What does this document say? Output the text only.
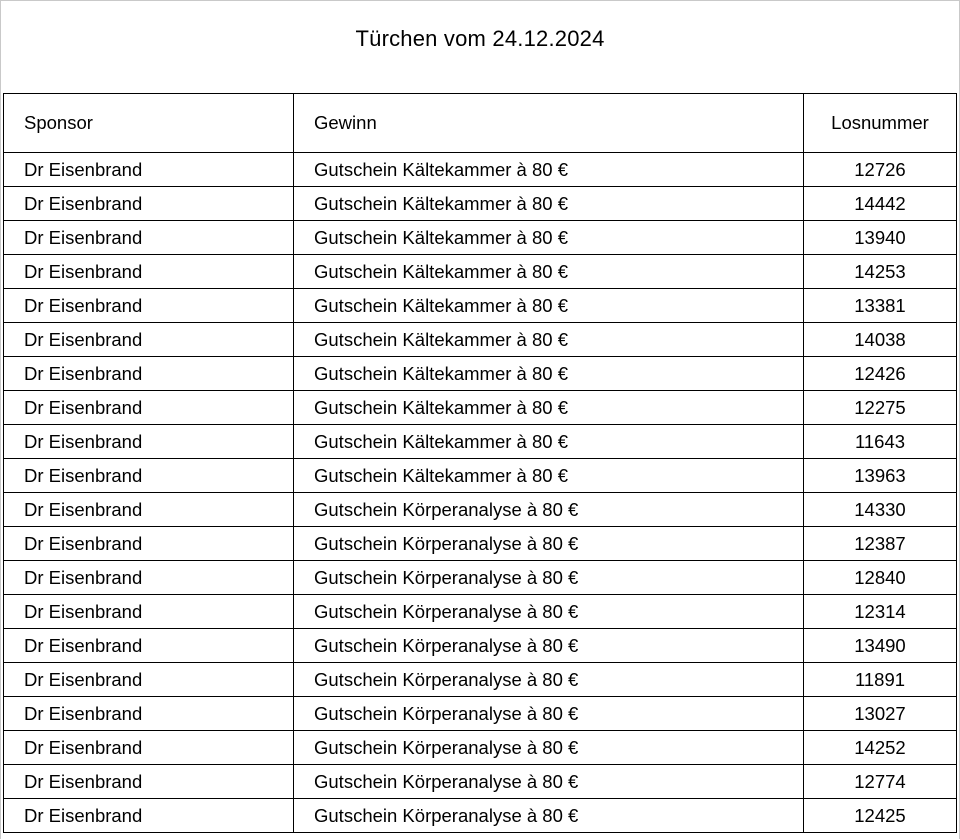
Türchen vom 24.12.2024
Sponsor	Gewinn	Losnummer
Dr Eisenbrand	Gutschein Kältekammer à 80 €	12726
Dr Eisenbrand	Gutschein Kältekammer à 80 €	14442
Dr Eisenbrand	Gutschein Kältekammer à 80 €	13940
Dr Eisenbrand	Gutschein Kältekammer à 80 €	14253
Dr Eisenbrand	Gutschein Kältekammer à 80 €	13381
Dr Eisenbrand	Gutschein Kältekammer à 80 €	14038
Dr Eisenbrand	Gutschein Kältekammer à 80 €	12426
Dr Eisenbrand	Gutschein Kältekammer à 80 €	12275
Dr Eisenbrand	Gutschein Kältekammer à 80 €	11643
Dr Eisenbrand	Gutschein Kältekammer à 80 €	13963
Dr Eisenbrand	Gutschein Körperanalyse à 80 €	14330
Dr Eisenbrand	Gutschein Körperanalyse à 80 €	12387
Dr Eisenbrand	Gutschein Körperanalyse à 80 €	12840
Dr Eisenbrand	Gutschein Körperanalyse à 80 €	12314
Dr Eisenbrand	Gutschein Körperanalyse à 80 €	13490
Dr Eisenbrand	Gutschein Körperanalyse à 80 €	11891
Dr Eisenbrand	Gutschein Körperanalyse à 80 €	13027
Dr Eisenbrand	Gutschein Körperanalyse à 80 €	14252
Dr Eisenbrand	Gutschein Körperanalyse à 80 €	12774
Dr Eisenbrand	Gutschein Körperanalyse à 80 €	12425
